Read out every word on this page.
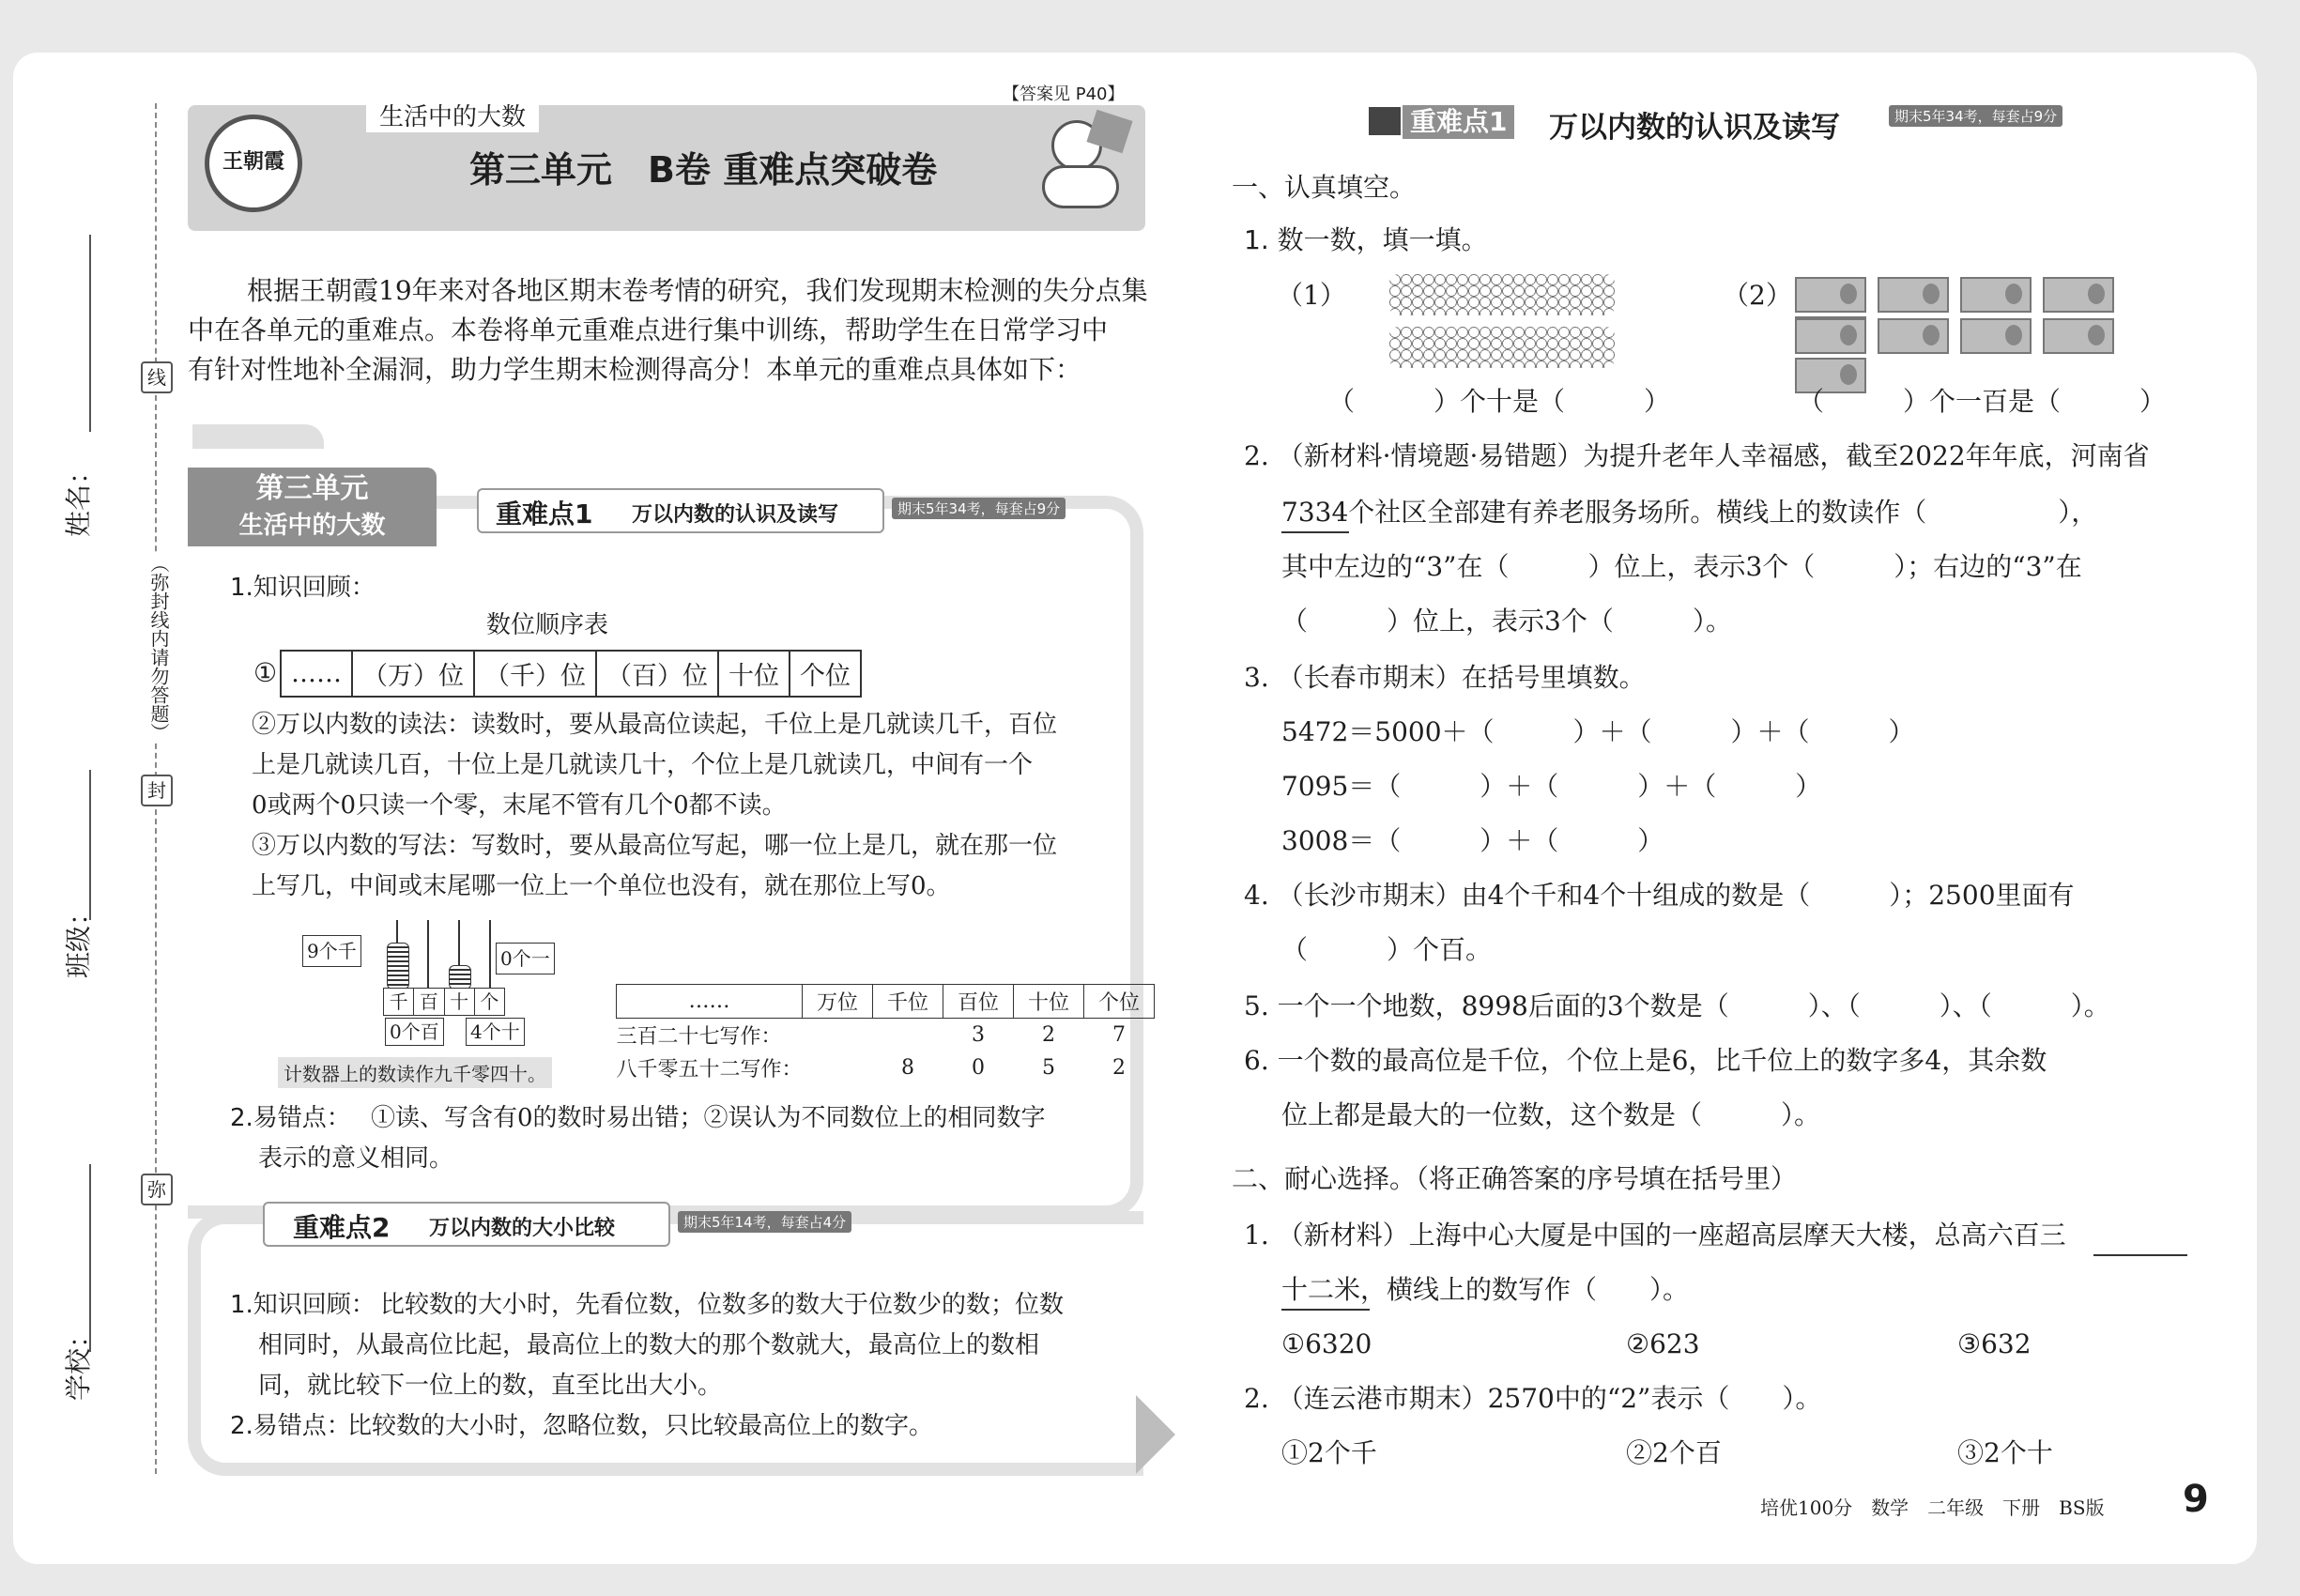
姓名：
班级：
学校：
线
（弥封线内请勿答题）
封
弥
王朝霞
生活中的大数
【答案见 P40】
第三单元　B卷 重难点突破卷
根据王朝霞19年来对各地区期末卷考情的研究，我们发现期末检测的失分点集
中在各单元的重难点。本卷将单元重难点进行集中训练，帮助学生在日常学习中
有针对性地补全漏洞，助力学生期末检测得高分！本单元的重难点具体如下：
第三单元
生活中的大数	重难点1 万以内数的认识及读写	期末5年34考，每套占9分
1.知识回顾：
数位顺序表
① ……	（万）位	（千）位	（百）位	十位	个位
②万以内数的读法：读数时，要从最高位读起，千位上是几就读几千，百位
上是几就读几百，十位上是几就读几十，个位上是几就读几，中间有一个
0或两个0只读一个零，末尾不管有几个0都不读。
③万以内数的写法：写数时，要从最高位写起，哪一位上是几，就在那一位
上写几，中间或末尾哪一位上一个单位也没有，就在那位上写0。
9个千	0个一
千 百 十 个
0个百 4个十
计数器上的数读作九千零四十。
……	万位	千位	百位	十位	个位
三百二十七写作：			3	2	7
八千零五十二写作：		8	0	5	2
2.易错点： ①读、写含有0的数时易出错；②误认为不同数位上的相同数字
表示的意义相同。
重难点2 万以内数的大小比较	期末5年14考，每套占4分
1.知识回顾： 比较数的大小时，先看位数，位数多的数大于位数少的数；位数
相同时，从最高位比起，最高位上的数大的那个数就大，最高位上的数相
同，就比较下一位上的数，直至比出大小。
2.易错点：
比较数的大小时，忽略位数，只比较最高位上的数字。
重难点1 万以内数的认识及读写	期末5年34考，每套占9分
一、认真填空。
1. 数一数，填一填。
（1）	（2）
（　　　）个十是（　　　）	（　　　）个一百是（　　　）
2. （新材料·情境题·易错题）为提升老年人幸福感，截至2022年年底，河南省
7334个社区全部建有养老服务场所。横线上的数读作（　　　　　），
其中左边的“3”在（　　　）位上，表示3个（　　　）；右边的“3”在
（　　　）位上，表示3个（　　　）。
3. （长春市期末）在括号里填数。
5472＝5000＋（　　　）＋（　　　）＋（　　　）
7095＝（　　　）＋（　　　）＋（　　　）
3008＝（　　　）＋（　　　）
4. （长沙市期末）由4个千和4个十组成的数是（　　　）；2500里面有
（　　　）个百。
5. 一个一个地数，8998后面的3个数是（　　　）、（　　　）、（　　　）。
6. 一个数的最高位是千位，个位上是6，比千位上的数字多4，其余数
位上都是最大的一位数，这个数是（　　　）。
二、耐心选择。（将正确答案的序号填在括号里）
1. （新材料）上海中心大厦是中国的一座超高层摩天大楼，总高六百三
十二米，横线上的数写作（　　）。
①6320	②623	③632
2. （连云港市期末）2570中的“2”表示（　　）。
①2个千	②2个百	③2个十
培优100分　数学　二年级　下册　BS版 9
